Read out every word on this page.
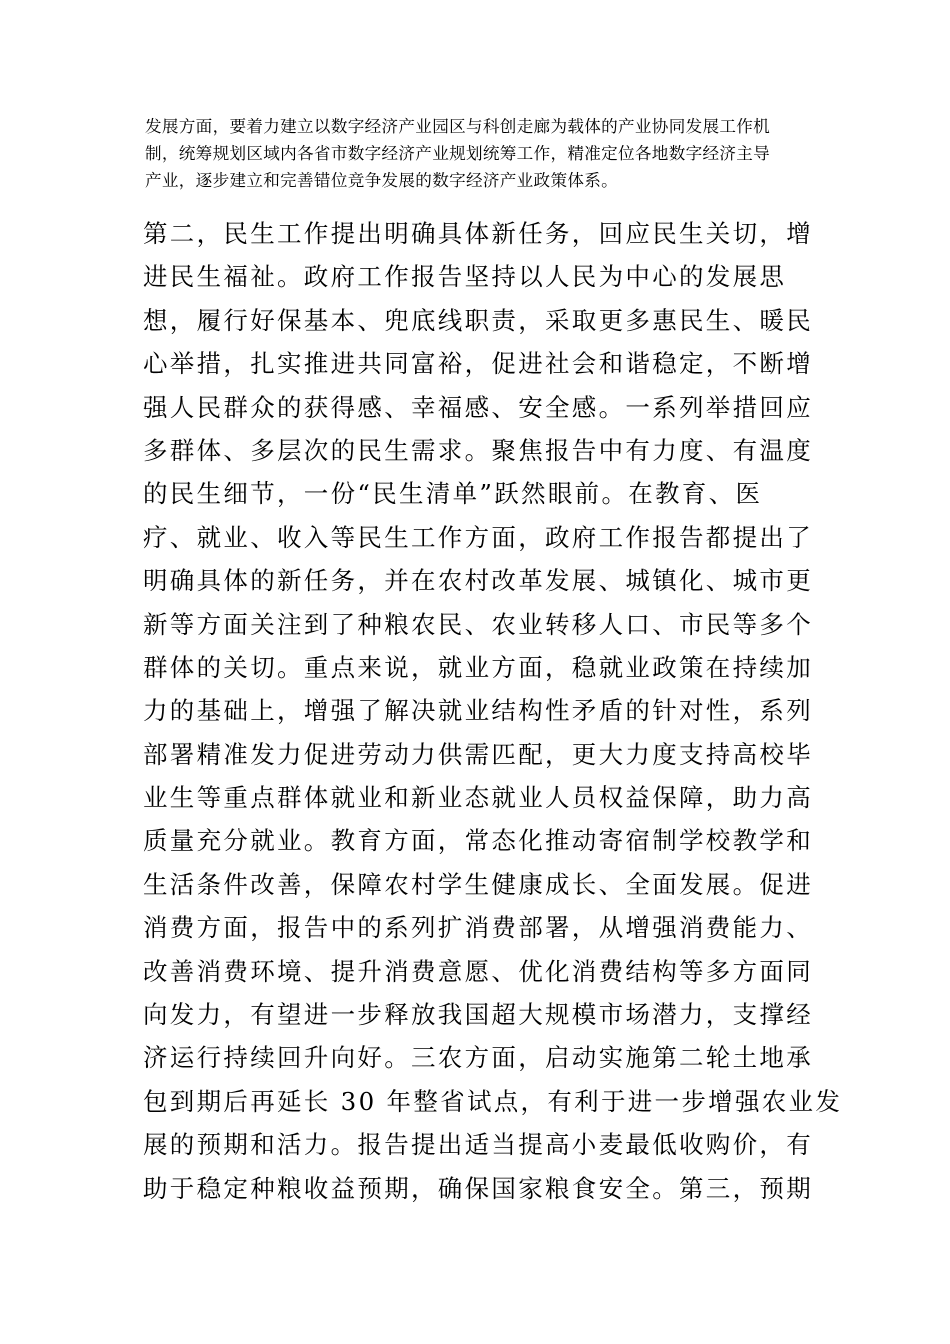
发展方面，要着力建立以数字经济产业园区与科创走廊为载体的产业协同发展工作机
制，统筹规划区域内各省市数字经济产业规划统筹工作，精准定位各地数字经济主导
产业，逐步建立和完善错位竞争发展的数字经济产业政策体系。
第二，民生工作提出明确具体新任务，回应民生关切，增
进民生福祉。政府工作报告坚持以人民为中心的发展思
想，履行好保基本、兜底线职责，采取更多惠民生、暖民
心举措，扎实推进共同富裕，促进社会和谐稳定，不断增
强人民群众的获得感、幸福感、安全感。一系列举措回应
多群体、多层次的民生需求。聚焦报告中有力度、有温度
的民生细节，一份“民生清单”跃然眼前。在教育、医
疗、就业、收入等民生工作方面，政府工作报告都提出了
明确具体的新任务，并在农村改革发展、城镇化、城市更
新等方面关注到了种粮农民、农业转移人口、市民等多个
群体的关切。重点来说，就业方面，稳就业政策在持续加
力的基础上，增强了解决就业结构性矛盾的针对性，系列
部署精准发力促进劳动力供需匹配，更大力度支持高校毕
业生等重点群体就业和新业态就业人员权益保障，助力高
质量充分就业。教育方面，常态化推动寄宿制学校教学和
生活条件改善，保障农村学生健康成长、全面发展。促进
消费方面，报告中的系列扩消费部署，从增强消费能力、
改善消费环境、提升消费意愿、优化消费结构等多方面同
向发力，有望进一步释放我国超大规模市场潜力，支撑经
济运行持续回升向好。三农方面，启动实施第二轮土地承
包到期后再延长 30 年整省试点，有利于进一步增强农业发
展的预期和活力。报告提出适当提高小麦最低收购价，有
助于稳定种粮收益预期，确保国家粮食安全。第三，预期
